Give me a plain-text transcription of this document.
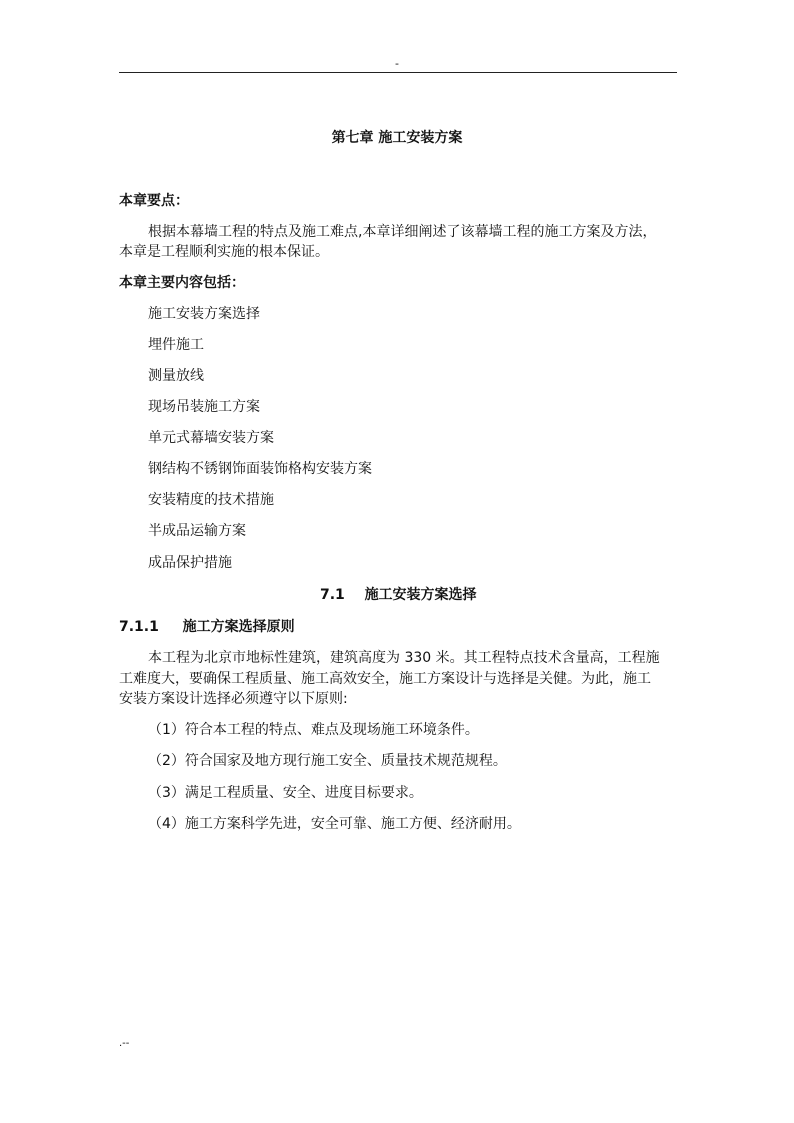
-
第七章 施工安装方案
本章要点：
根据本幕墙工程的特点及施工难点,本章详细阐述了该幕墙工程的施工方案及方法，
本章是工程顺利实施的根本保证。
本章主要内容包括：
施工安装方案选择
埋件施工
测量放线
现场吊装施工方案
单元式幕墙安装方案
钢结构不锈钢饰面装饰格构安装方案
安装精度的技术措施
半成品运输方案
成品保护措施
7.1 施工安装方案选择
7.1.1 施工方案选择原则
本工程为北京市地标性建筑，建筑高度为 330 米。其工程特点技术含量高，工程施
工难度大，要确保工程质量、施工高效安全，施工方案设计与选择是关健。为此，施工
安装方案设计选择必须遵守以下原则:
（1）符合本工程的特点、难点及现场施工环境条件。
（2）符合国家及地方现行施工安全、质量技术规范规程。
（3）满足工程质量、安全、进度目标要求。
（4）施工方案科学先进，安全可靠、施工方便、经济耐用。
.--
